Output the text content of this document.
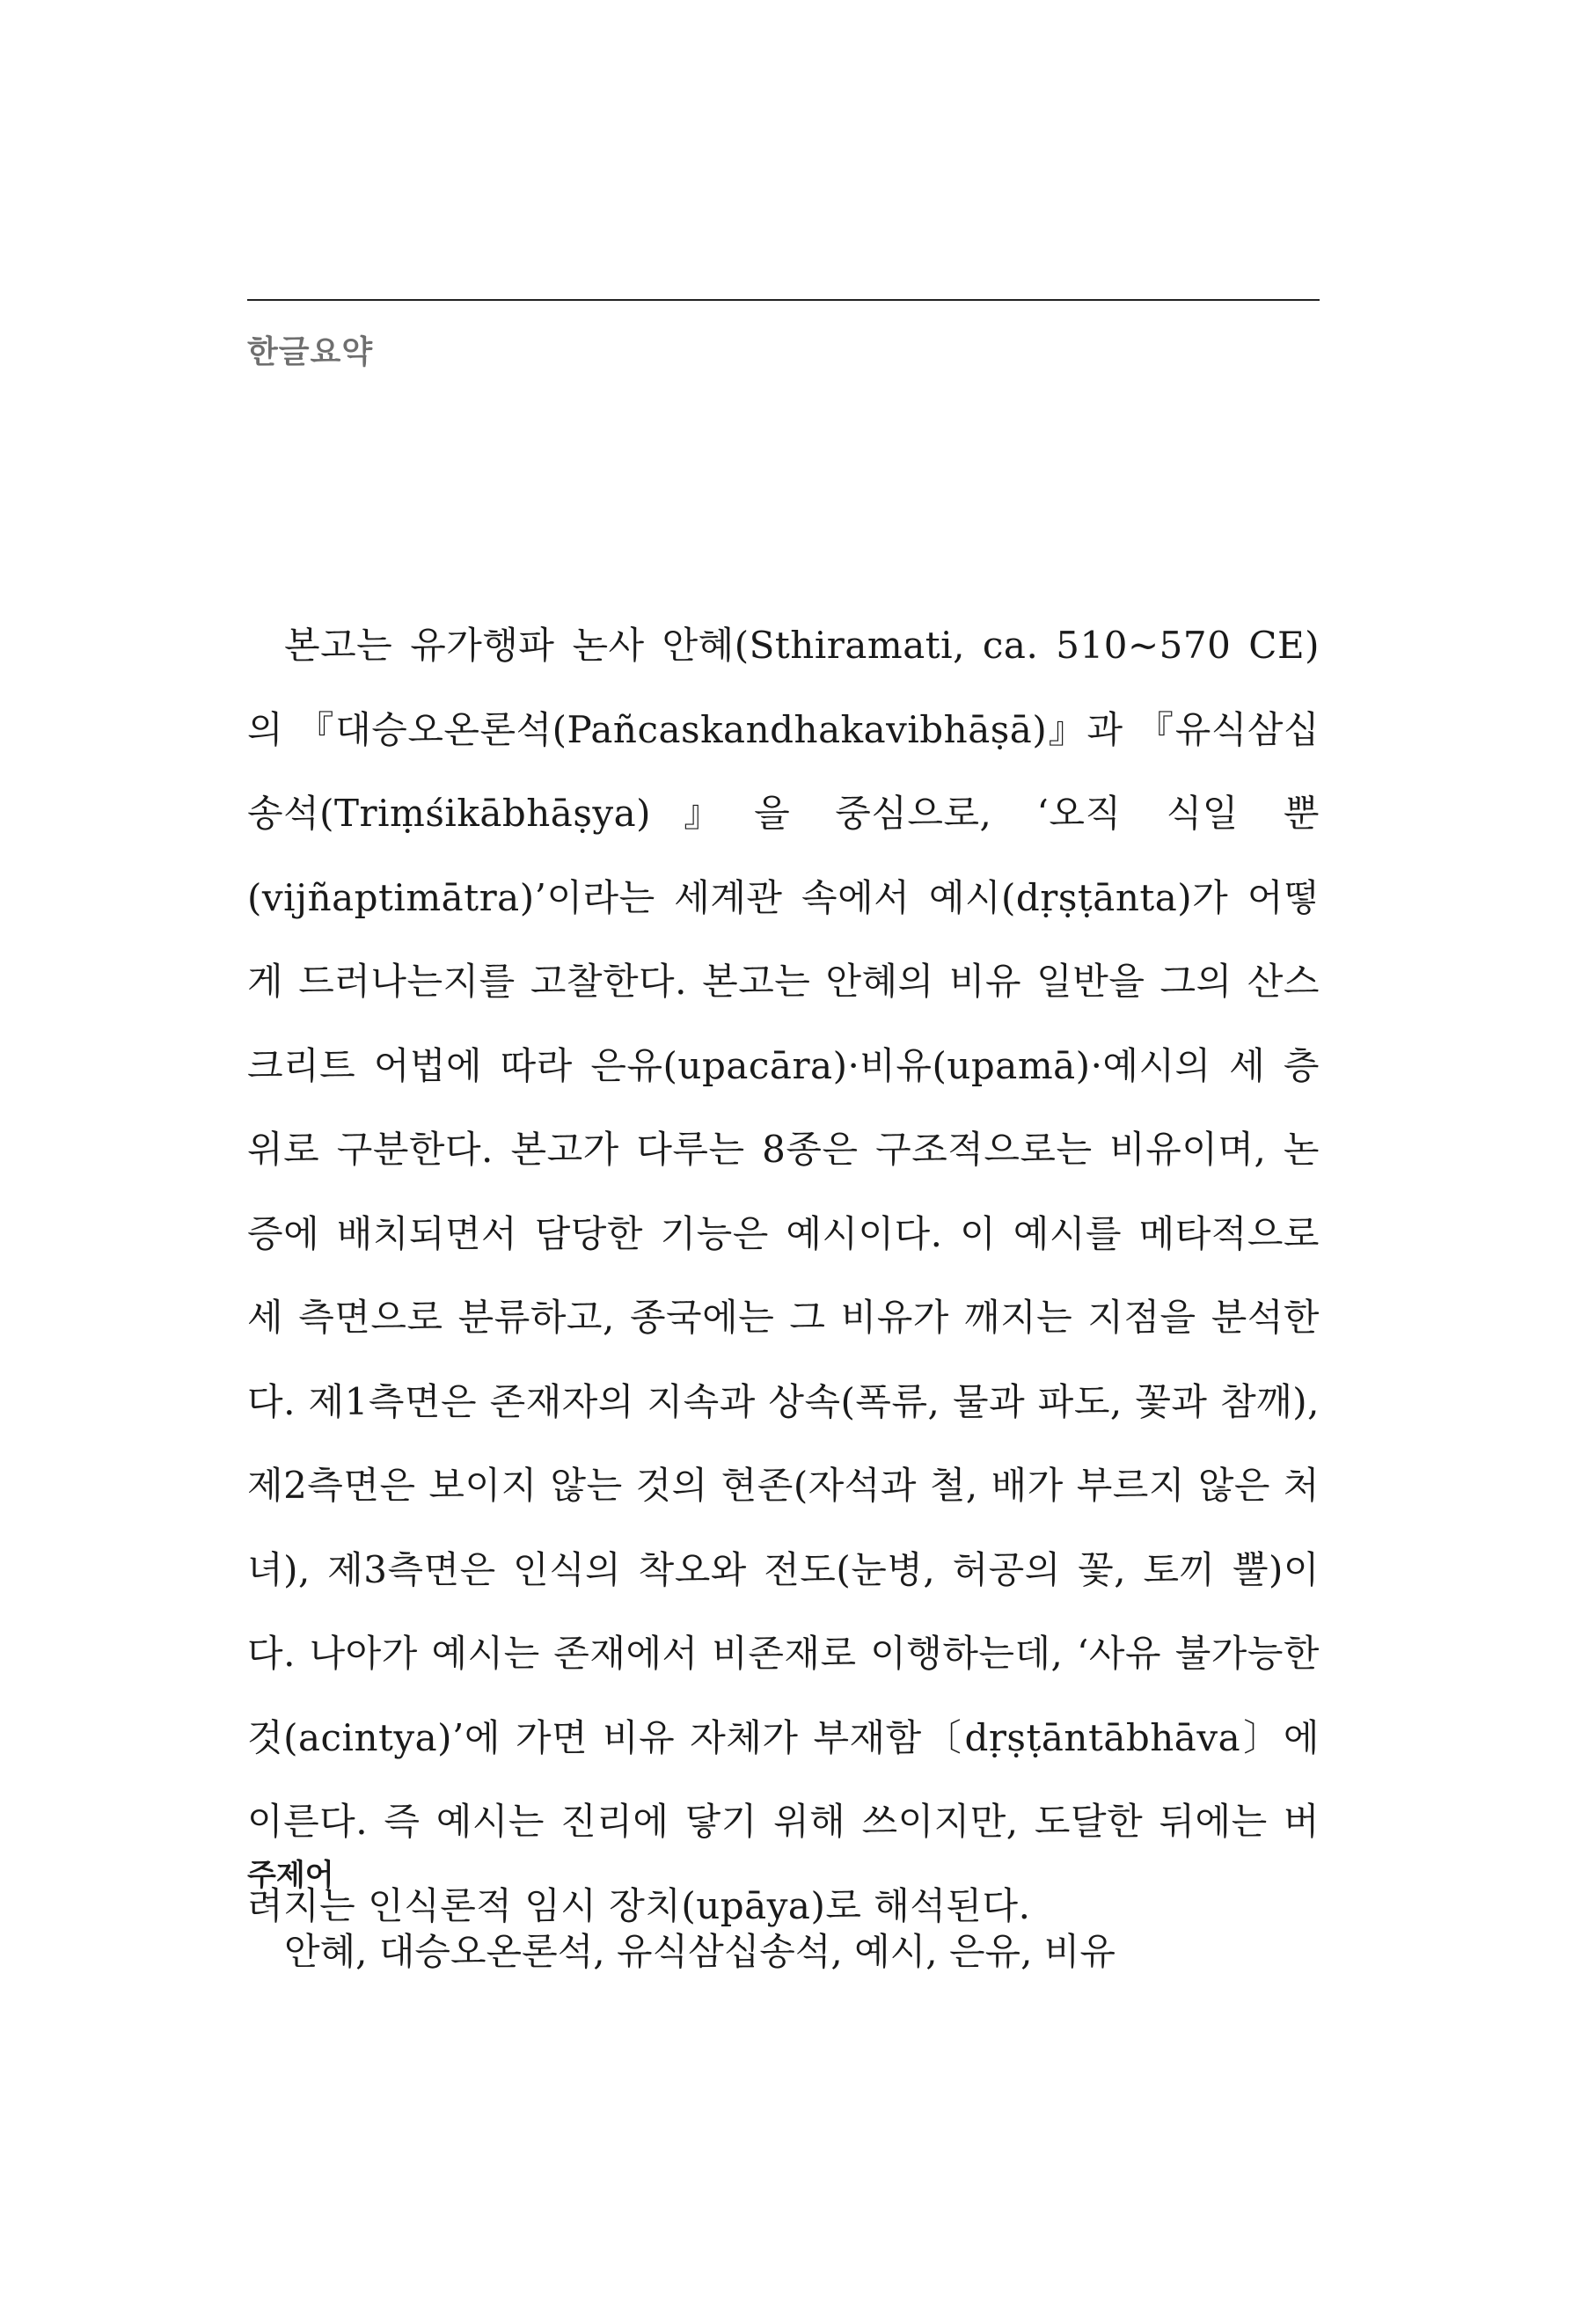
한글요약

본고는 유가행파 논사 안혜(Sthiramati, ca. 510~570 CE)의 『대승오온론석(Pañcaskandhakavibhāṣā)』과 『유식삼십송석(Triṃśikābhāṣya)』을 중심으로, ‘오직 식일 뿐(vijñaptimātra)’이라는 세계관 속에서 예시(dṛṣṭānta)가 어떻게 드러나는지를 고찰한다. 본고는 안혜의 비유 일반을 그의 산스크리트 어법에 따라 은유(upacāra)·비유(upamā)·예시의 세 층위로 구분한다. 본고가 다루는 8종은 구조적으로는 비유이며, 논증에 배치되면서 담당한 기능은 예시이다. 이 예시를 메타적으로 세 측면으로 분류하고, 종국에는 그 비유가 깨지는 지점을 분석한다. 제1측면은 존재자의 지속과 상속(폭류, 물과 파도, 꽃과 참깨), 제2측면은 보이지 않는 것의 현존(자석과 철, 배가 부르지 않은 처녀), 제3측면은 인식의 착오와 전도(눈병, 허공의 꽃, 토끼 뿔)이다. 나아가 예시는 존재에서 비존재로 이행하는데, ‘사유 불가능한 것(acintya)’에 가면 비유 자체가 부재함〔dṛṣṭāntābhāva〕에 이른다. 즉 예시는 진리에 닿기 위해 쓰이지만, 도달한 뒤에는 버려지는 인식론적 임시 장치(upāya)로 해석된다.

주제어
안혜, 대승오온론석, 유식삼십송석, 예시, 은유, 비유
